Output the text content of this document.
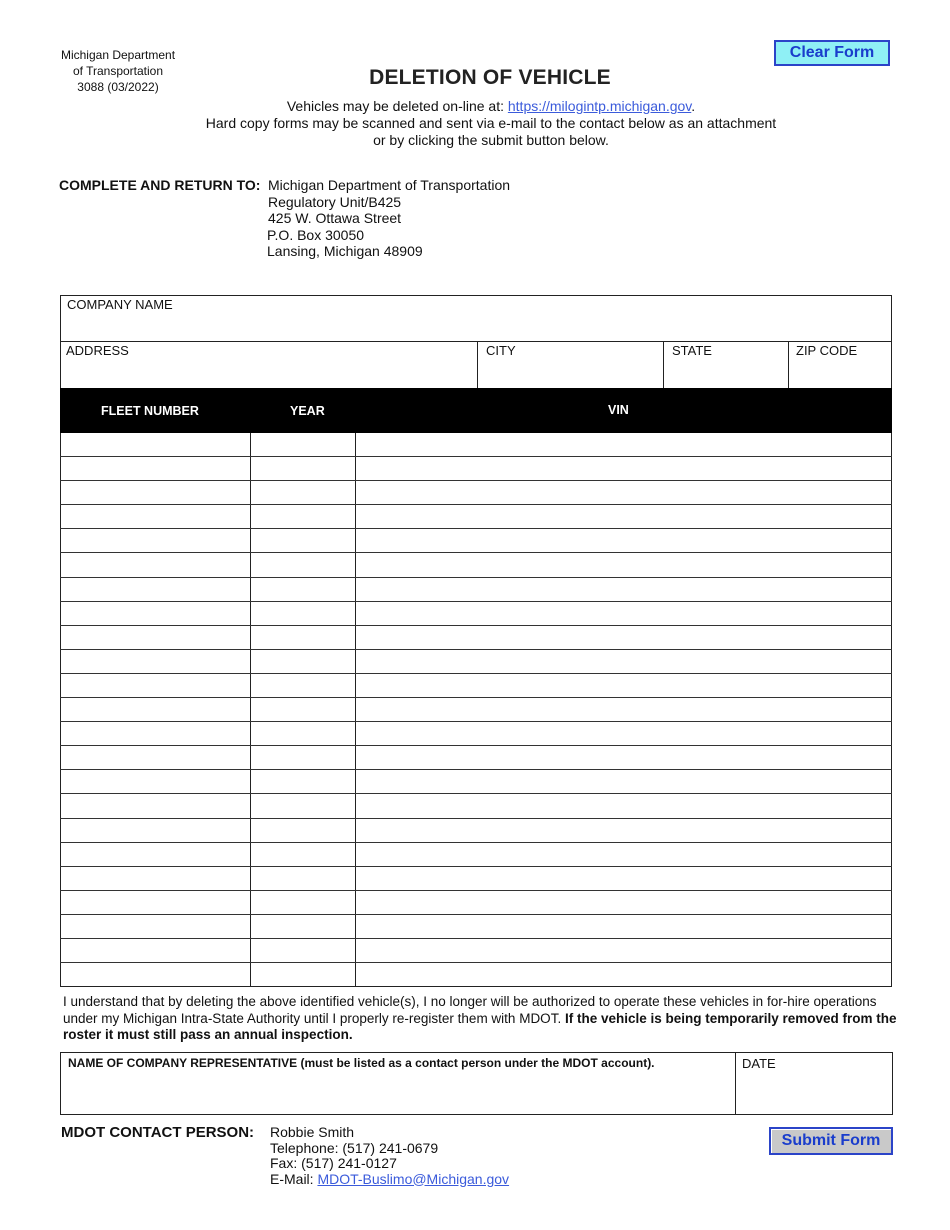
Michigan Department
of Transportation
3088 (03/2022)
Clear Form
DELETION OF VEHICLE
Vehicles may be deleted on-line at: https://milogintp.michigan.gov.
Hard copy forms may be scanned and sent via e-mail to the contact below as an attachment
or by clicking the submit button below.
COMPLETE AND RETURN TO: Michigan Department of Transportation
Regulatory Unit/B425
425 W. Ottawa Street
P.O. Box 30050
Lansing, Michigan 48909
COMPANY NAME
ADDRESS	CITY	STATE	ZIP CODE
FLEET NUMBER	YEAR	VIN
I understand that by deleting the above identified vehicle(s), I no longer will be authorized to operate these vehicles in for-hire operations under my Michigan Intra-State Authority until I properly re-register them with MDOT. If the vehicle is being temporarily removed from the roster it must still pass an annual inspection.
NAME OF COMPANY REPRESENTATIVE (must be listed as a contact person under the MDOT account).	DATE
MDOT CONTACT PERSON: Robbie Smith
Telephone: (517) 241-0679
Fax: (517) 241-0127
E-Mail: MDOT-Buslimo@Michigan.gov
Submit Form
